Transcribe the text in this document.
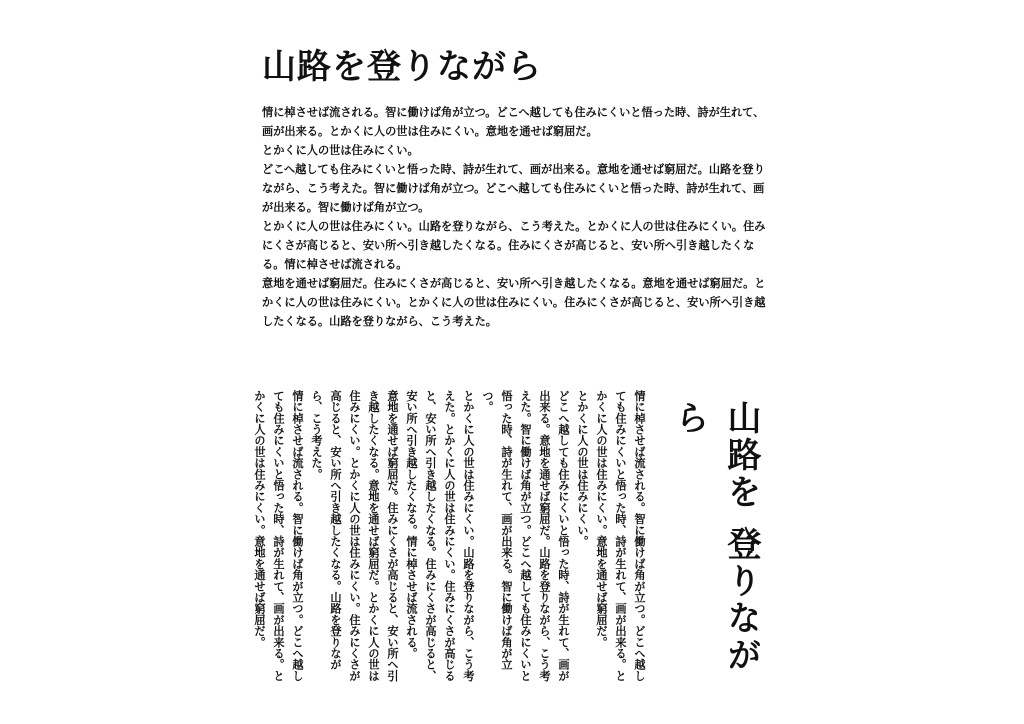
山路を登りながら

情に棹させば流される。智に働けば角が立つ。どこへ越しても住みにくいと悟った時、詩が生れて、画が出来る。とかくに人の世は住みにくい。意地を通せば窮屈だ。

とかくに人の世は住みにくい。

どこへ越しても住みにくいと悟った時、詩が生れて、画が出来る。意地を通せば窮屈だ。山路を登りながら、こう考えた。智に働けば角が立つ。どこへ越しても住みにくいと悟った時、詩が生れて、画が出来る。智に働けば角が立つ。

とかくに人の世は住みにくい。山路を登りながら、こう考えた。とかくに人の世は住みにくい。住みにくさが高じると、安い所へ引き越したくなる。住みにくさが高じると、安い所へ引き越したくなる。情に棹させば流される。

意地を通せば窮屈だ。住みにくさが高じると、安い所へ引き越したくなる。意地を通せば窮屈だ。とかくに人の世は住みにくい。とかくに人の世は住みにくい。住みにくさが高じると、安い所へ引き越したくなる。山路を登りながら、こう考えた。

山路を 登りながら

情に棹させば流される。智に働けば角が立つ。どこへ越しても住みにくいと悟った時、詩が生れて、画が出来る。とかくに人の世は住みにくい。意地を通せば窮屈だ。

とかくに人の世は住みにくい。

どこへ越しても住みにくいと悟った時、詩が生れて、画が出来る。意地を通せば窮屈だ。山路を登りながら、こう考えた。智に働けば角が立つ。どこへ越しても住みにくいと悟った時、詩が生れて、画が出来る。智に働けば角が立つ。

とかくに人の世は住みにくい。山路を登りながら、こう考えた。とかくに人の世は住みにくい。住みにくさが高じると、安い所へ引き越したくなる。住みにくさが高じると、安い所へ引き越したくなる。情に棹させば流される。

意地を通せば窮屈だ。住みにくさが高じると、安い所へ引き越したくなる。意地を通せば窮屈だ。とかくに人の世は住みにくい。とかくに人の世は住みにくい。住みにくさが高じると、安い所へ引き越したくなる。山路を登りながら、こう考えた。

情に棹させば流される。智に働けば角が立つ。どこへ越しても住みにくいと悟った時、詩が生れて、画が出来る。とかくに人の世は住みにくい。意地を通せば窮屈だ。
